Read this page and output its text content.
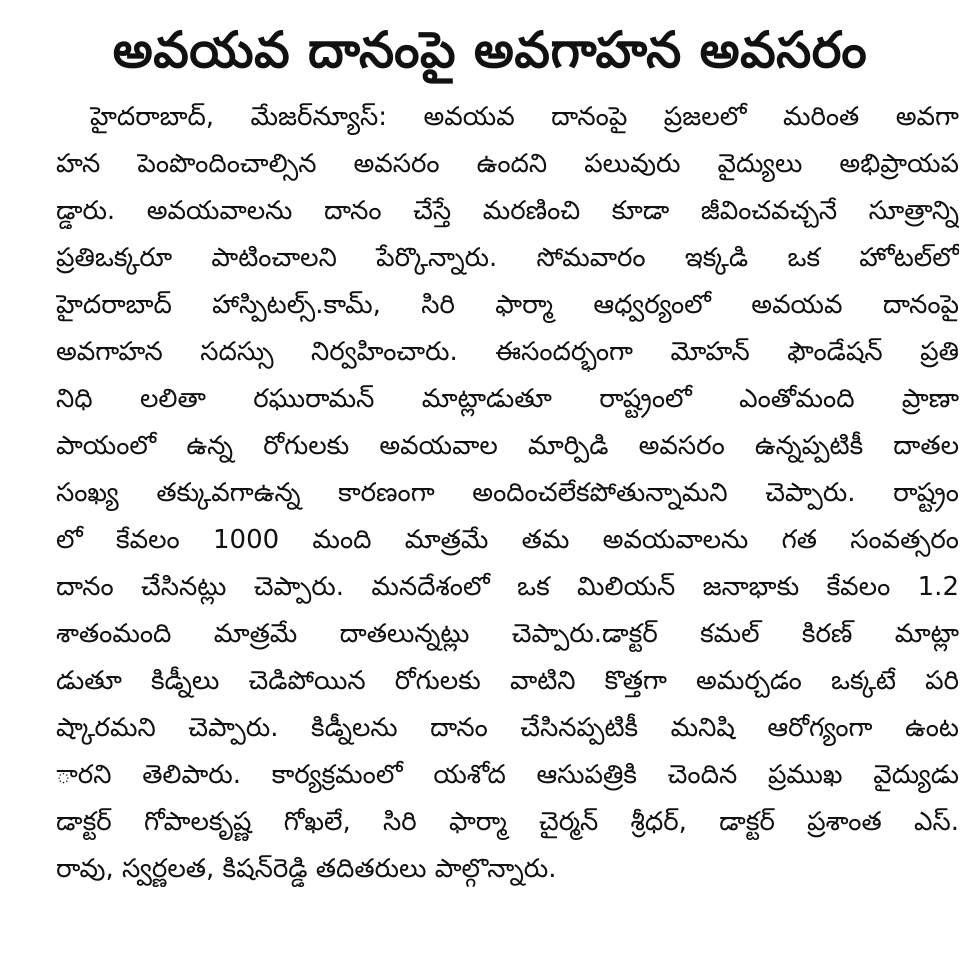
అవయవ దానంపై అవగాహన అవసరం
హైదరాబాద్, మేజర్‌న్యూస్: అవయవ దానంపై ప్రజలలో మరింత అవగా
హన పెంపొందించాల్సిన అవసరం ఉందని పలువురు వైద్యులు అభిప్రాయప
డ్డారు. అవయవాలను దానం చేస్తే మరణించి కూడా జీవించవచ్చనే సూత్రాన్ని
ప్రతిఒక్కరూ పాటించాలని పేర్కొన్నారు. సోమవారం ఇక్కడి ఒక హోటల్‌లో
హైదరాబాద్ హాస్పిటల్స్.కామ్, సిరి ఫార్మా ఆధ్వర్యంలో అవయవ దానంపై
అవగాహన సదస్సు నిర్వహించారు. ఈసందర్భంగా మోహన్ ఫౌండేషన్ ప్రతి
నిధి లలితా రఘురామన్ మాట్లాడుతూ రాష్ట్రంలో ఎంతోమంది ప్రాణా
పాయంలో ఉన్న రోగులకు అవయవాల మార్పిడి అవసరం ఉన్నప్పటికీ దాతల
సంఖ్య తక్కువగాఉన్న కారణంగా అందించలేకపోతున్నామని చెప్పారు. రాష్ట్రం
లో కేవలం 1000 మంది మాత్రమే తమ అవయవాలను గత సంవత్సరం
దానం చేసినట్లు చెప్పారు. మనదేశంలో ఒక మిలియన్ జనాభాకు కేవలం 1.2
శాతంమంది మాత్రమే దాతలున్నట్లు చెప్పారు.డాక్టర్ కమల్ కిరణ్ మాట్లా
డుతూ కిడ్నీలు చెడిపోయిన రోగులకు వాటిని కొత్తగా అమర్చడం ఒక్కటే పరి
ష్కారమని చెప్పారు. కిడ్నీలను దానం చేసినప్పటికీ మనిషి ఆరోగ్యంగా ఉంట
ారని తెలిపారు. కార్యక్రమంలో యశోద ఆసుపత్రికి చెందిన ప్రముఖ వైద్యుడు
డాక్టర్ గోపాలకృష్ణ గోఖలే, సిరి ఫార్మా చైర్మన్ శ్రీధర్, డాక్టర్ ప్రశాంత ఎస్.
రావు, స్వర్ణలత, కిషన్‌రెడ్డి తదితరులు పాల్గొన్నారు.
